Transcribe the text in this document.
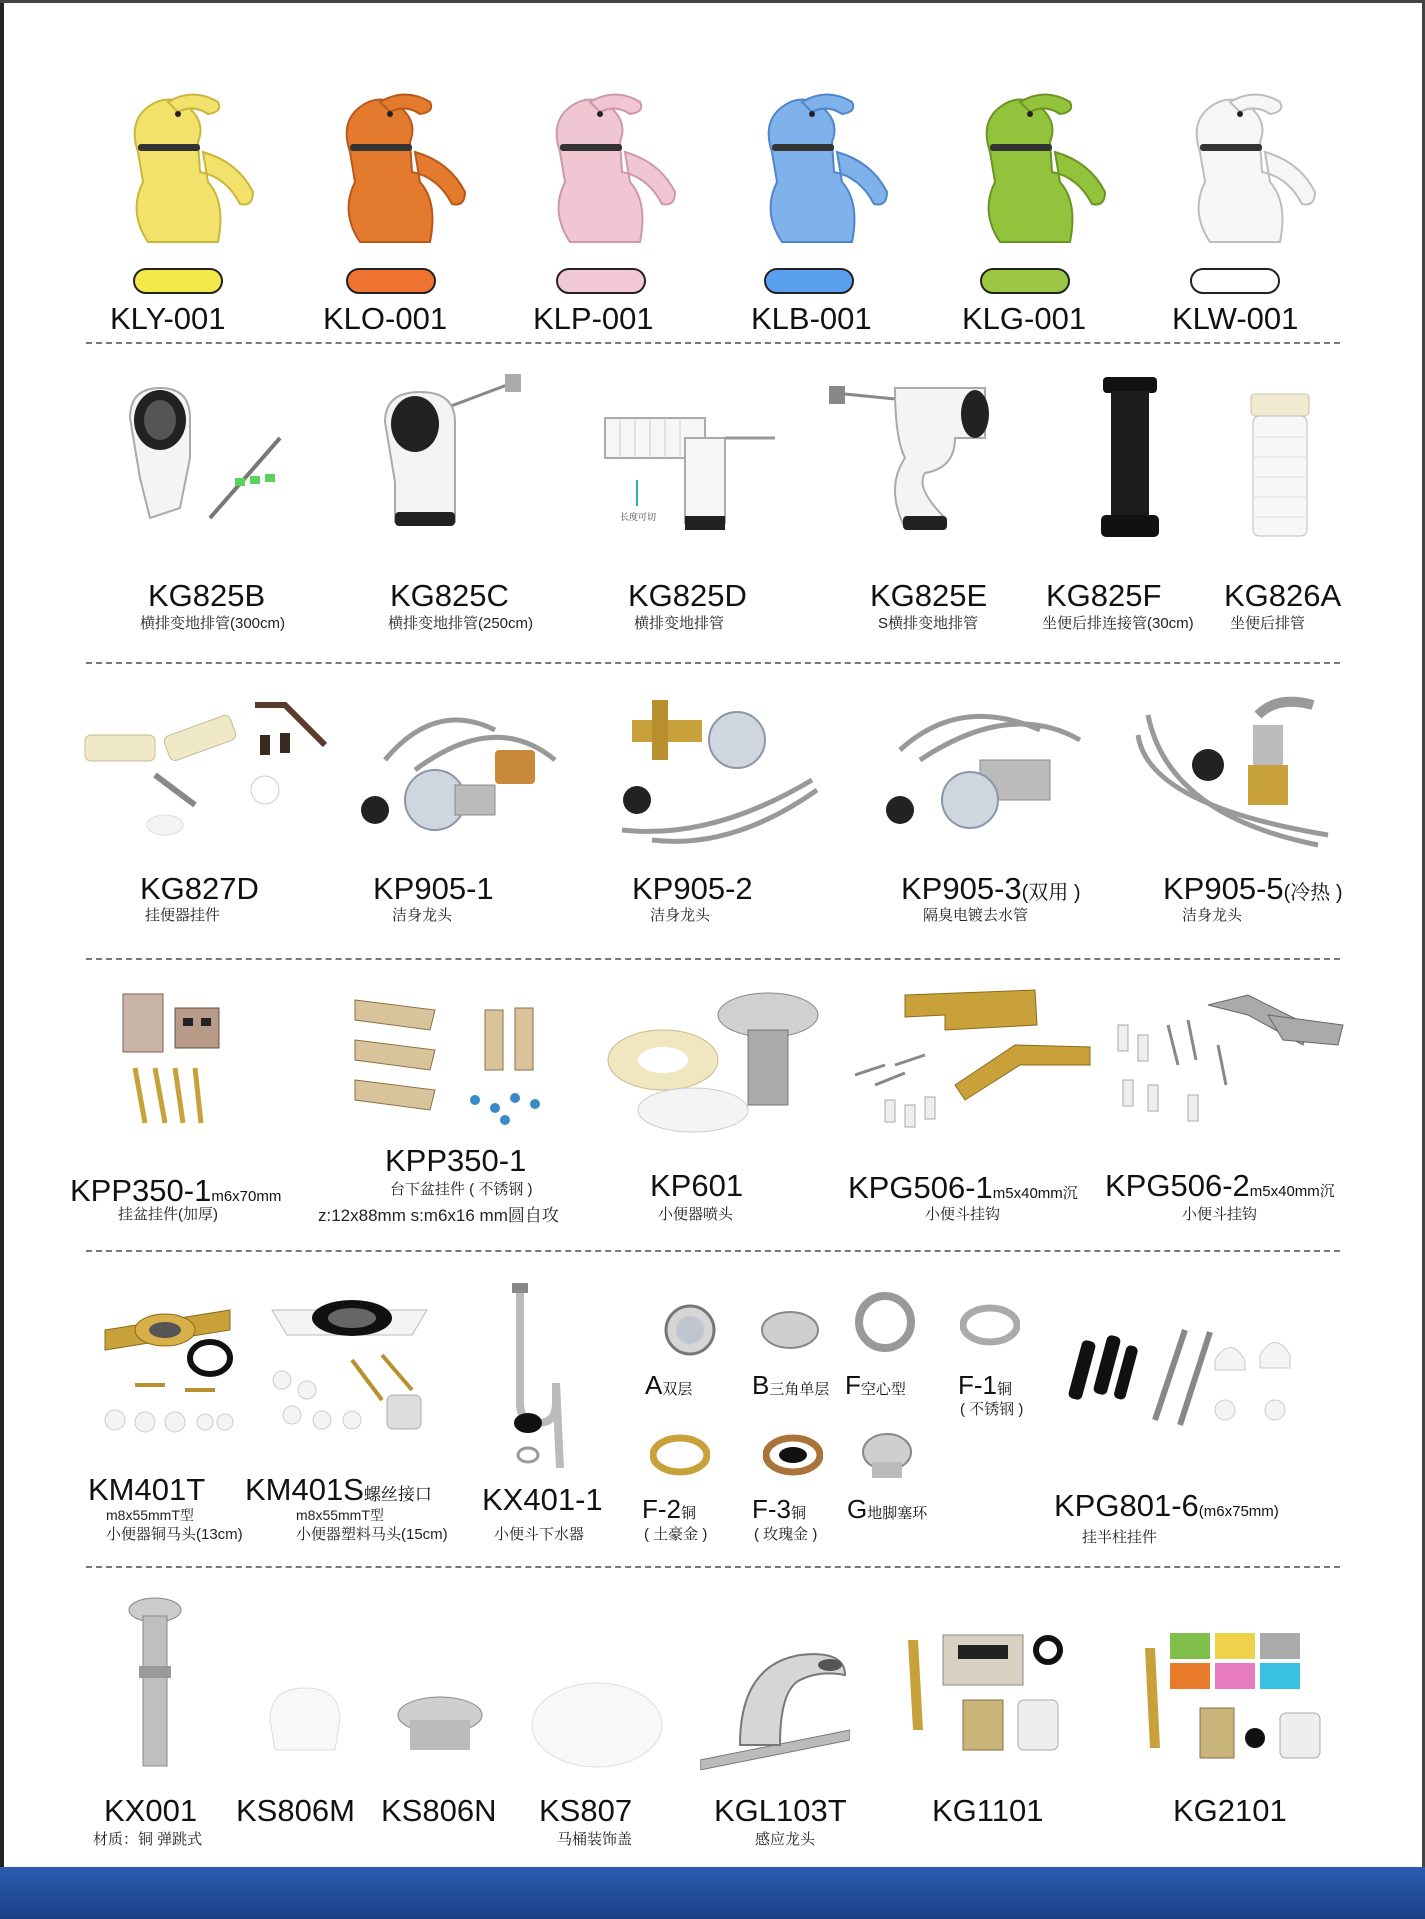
KLY-001	KLO-001	KLP-001	KLB-001	KLG-001	KLW-001
长度可切
KG825B
横排变地排管(300cm)
KG825C
横排变地排管(250cm)
KG825D
横排变地排管
KG825E
S横排变地排管
KG825F
坐便后排连接管(30cm)
KG826A
坐便后排管
KG827D
挂便器挂件
KP905-1
洁身龙头
KP905-2
洁身龙头
KP905-3(双用 )
隔臭电镀去水管
KP905-5(冷热 )
洁身龙头
KPP350-1m6x70mm
挂盆挂件(加厚)
KPP350-1
台下盆挂件 ( 不锈钢 )
z:12x88mm s:m6x16 mm圆自攻
KP601
小便器喷头
KPG506-1m5x40mm沉
小便斗挂钩
KPG506-2m5x40mm沉
小便斗挂钩
KM401T
m8x55mmT型
小便器铜马头(13cm)
KM401S螺丝接口
m8x55mmT型
小便器塑料马头(15cm)
KX401-1
小便斗下水器
A双层 B三角单层 F空心型 F-1铜
( 不锈钢 )
F-2铜
( 土豪金 )
F-3铜
( 玫瑰金 )
G地脚塞环	KPG801-6(m6x75mm)
挂半柱挂件
KX001
材质：铜 弹跳式
KS806M KS806N KS807
马桶装饰盖
KGL103T
感应龙头
KG1101	KG2101
